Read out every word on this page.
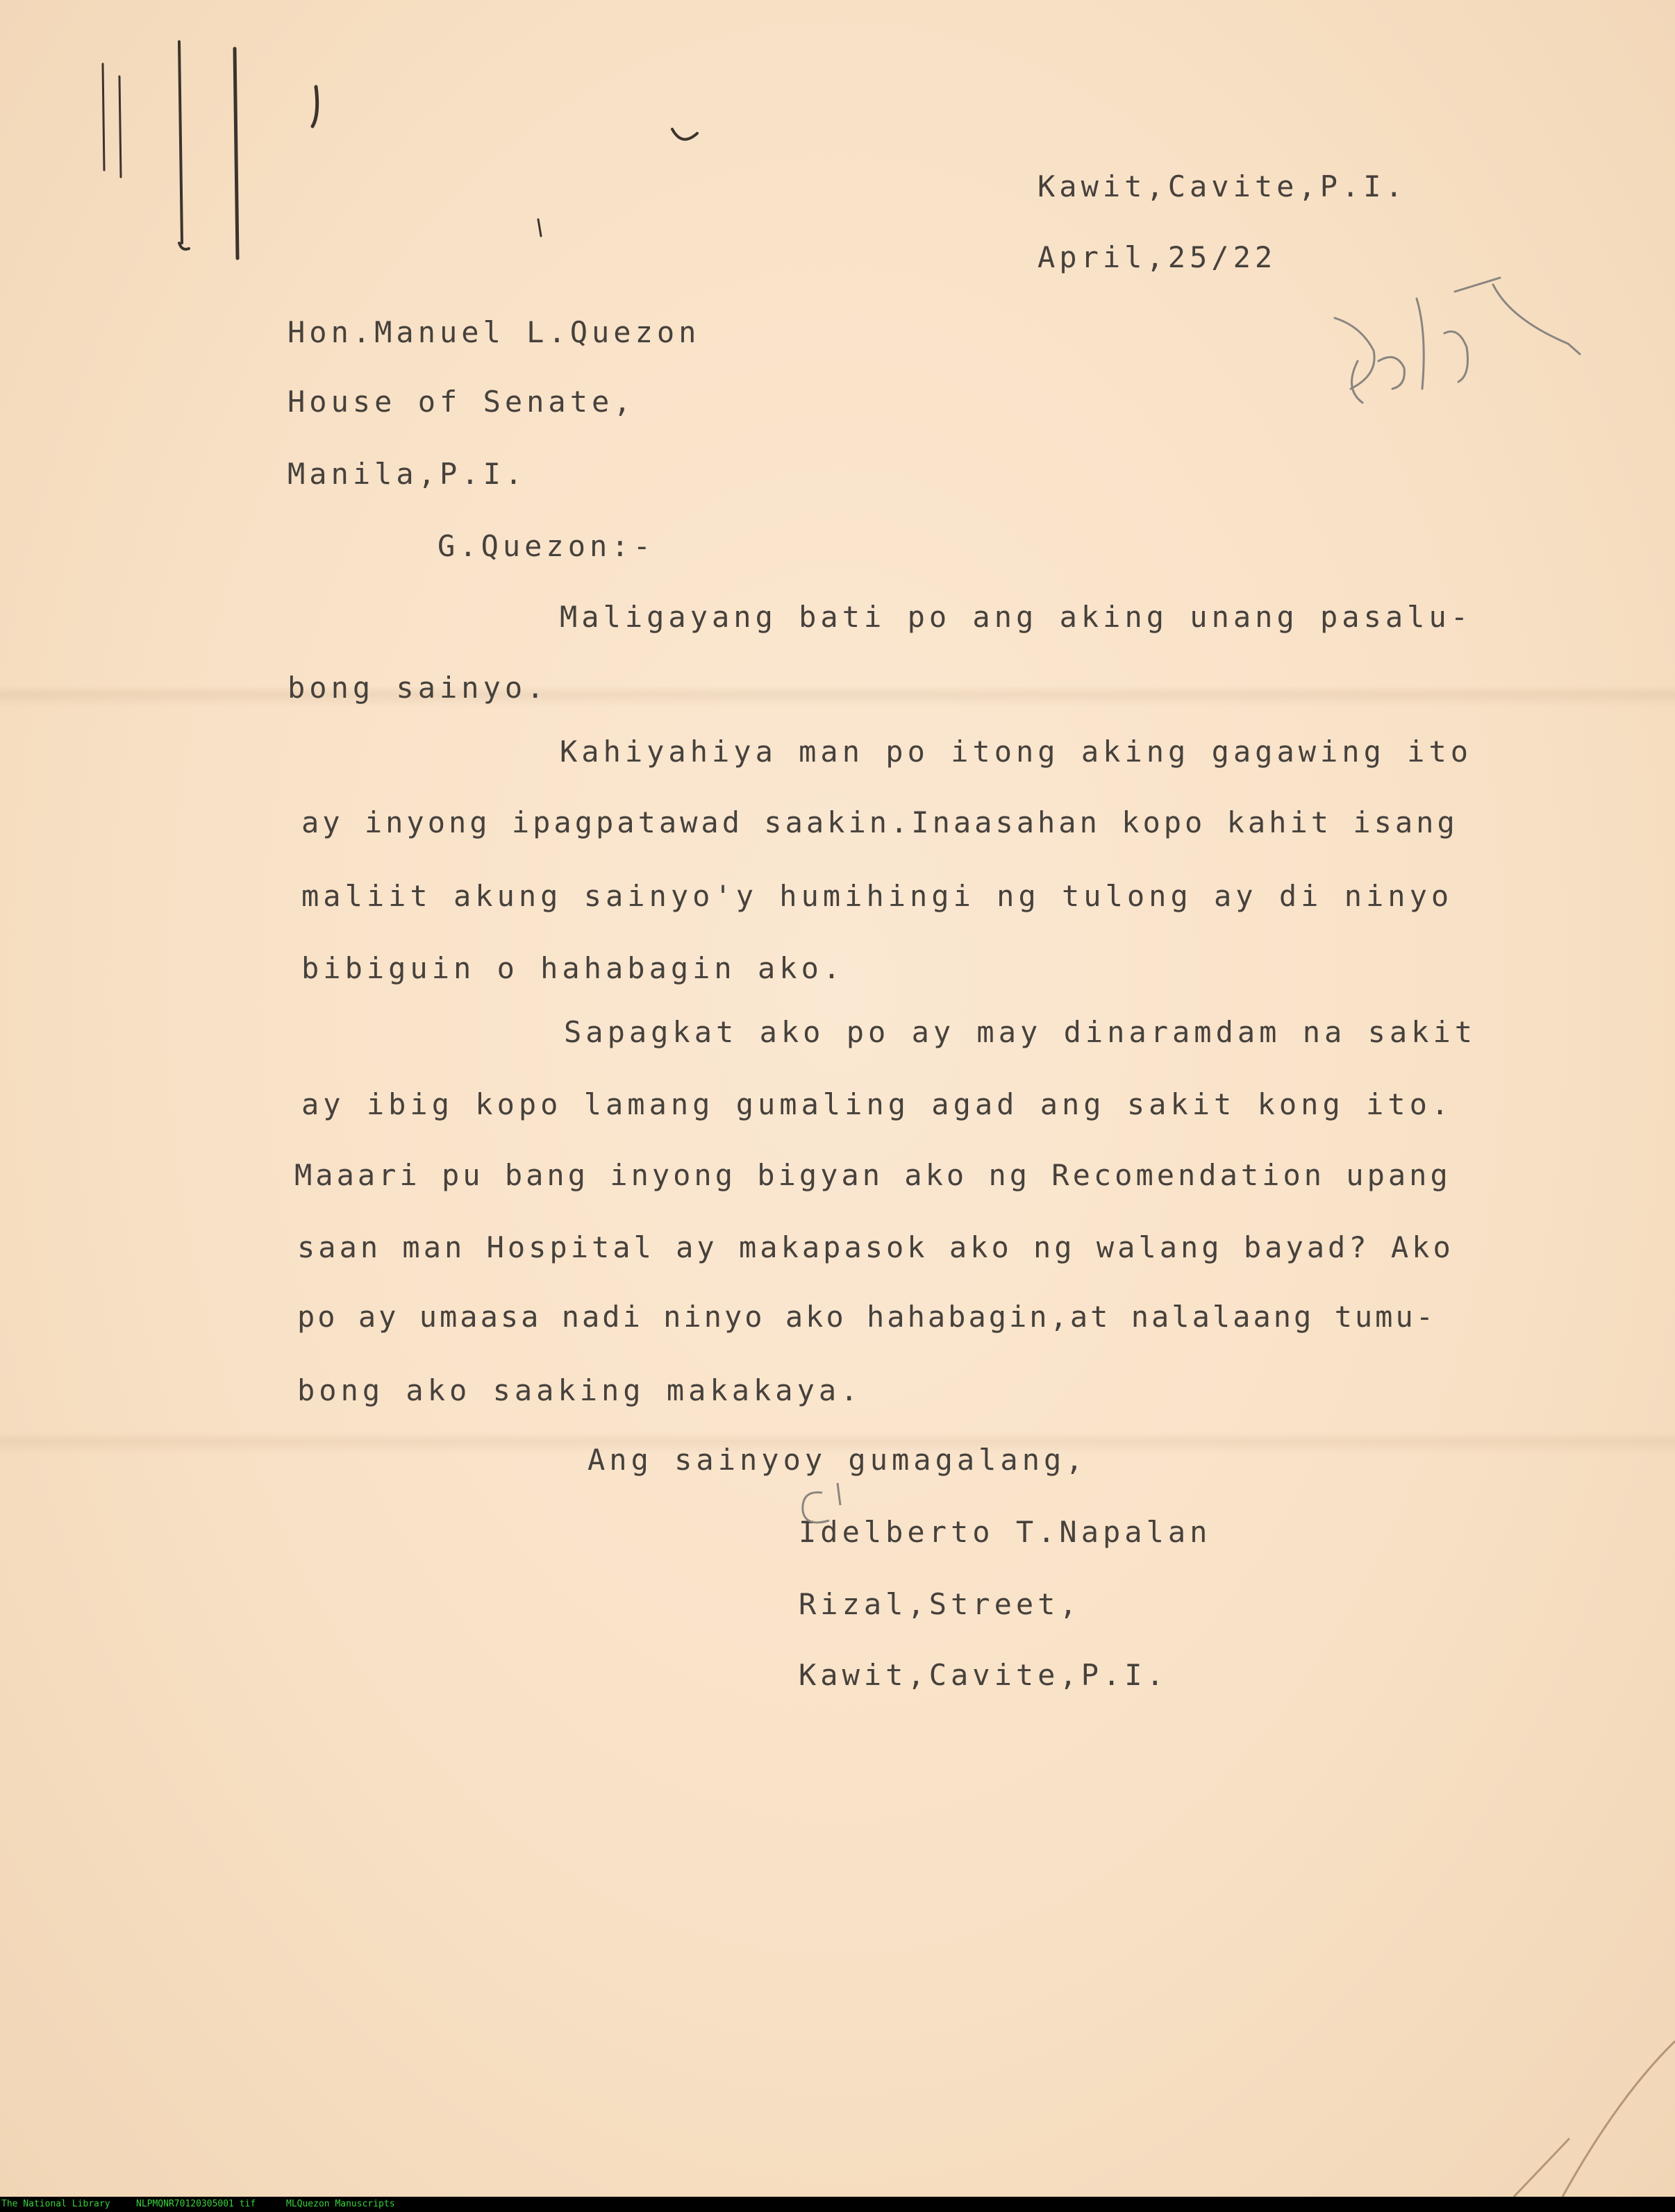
Kawit,Cavite,P.I.
April,25/22
Hon.Manuel L.Quezon
House of Senate,
Manila,P.I.
G.Quezon:-
Maligayang bati po ang aking unang pasalu-
bong sainyo.
Kahiyahiya man po itong aking gagawing ito
ay inyong ipagpatawad saakin.Inaasahan kopo kahit isang
maliit akung sainyo'y humihingi ng tulong ay di ninyo
bibiguin o hahabagin ako.
Sapagkat ako po ay may dinaramdam na sakit
ay ibig kopo lamang gumaling agad ang sakit kong ito.
Maaari pu bang inyong bigyan ako ng Recomendation upang
saan man Hospital ay makapasok ako ng walang bayad? Ako
po ay umaasa nadi ninyo ako hahabagin,at nalalaang tumu-
bong ako saaking makakaya.
Ang sainyoy gumagalang,
Idelberto T.Napalan
Rizal,Street,
Kawit,Cavite,P.I.
The National Library	NLPMQNR70120305001 tif	MLQuezon Manuscripts
